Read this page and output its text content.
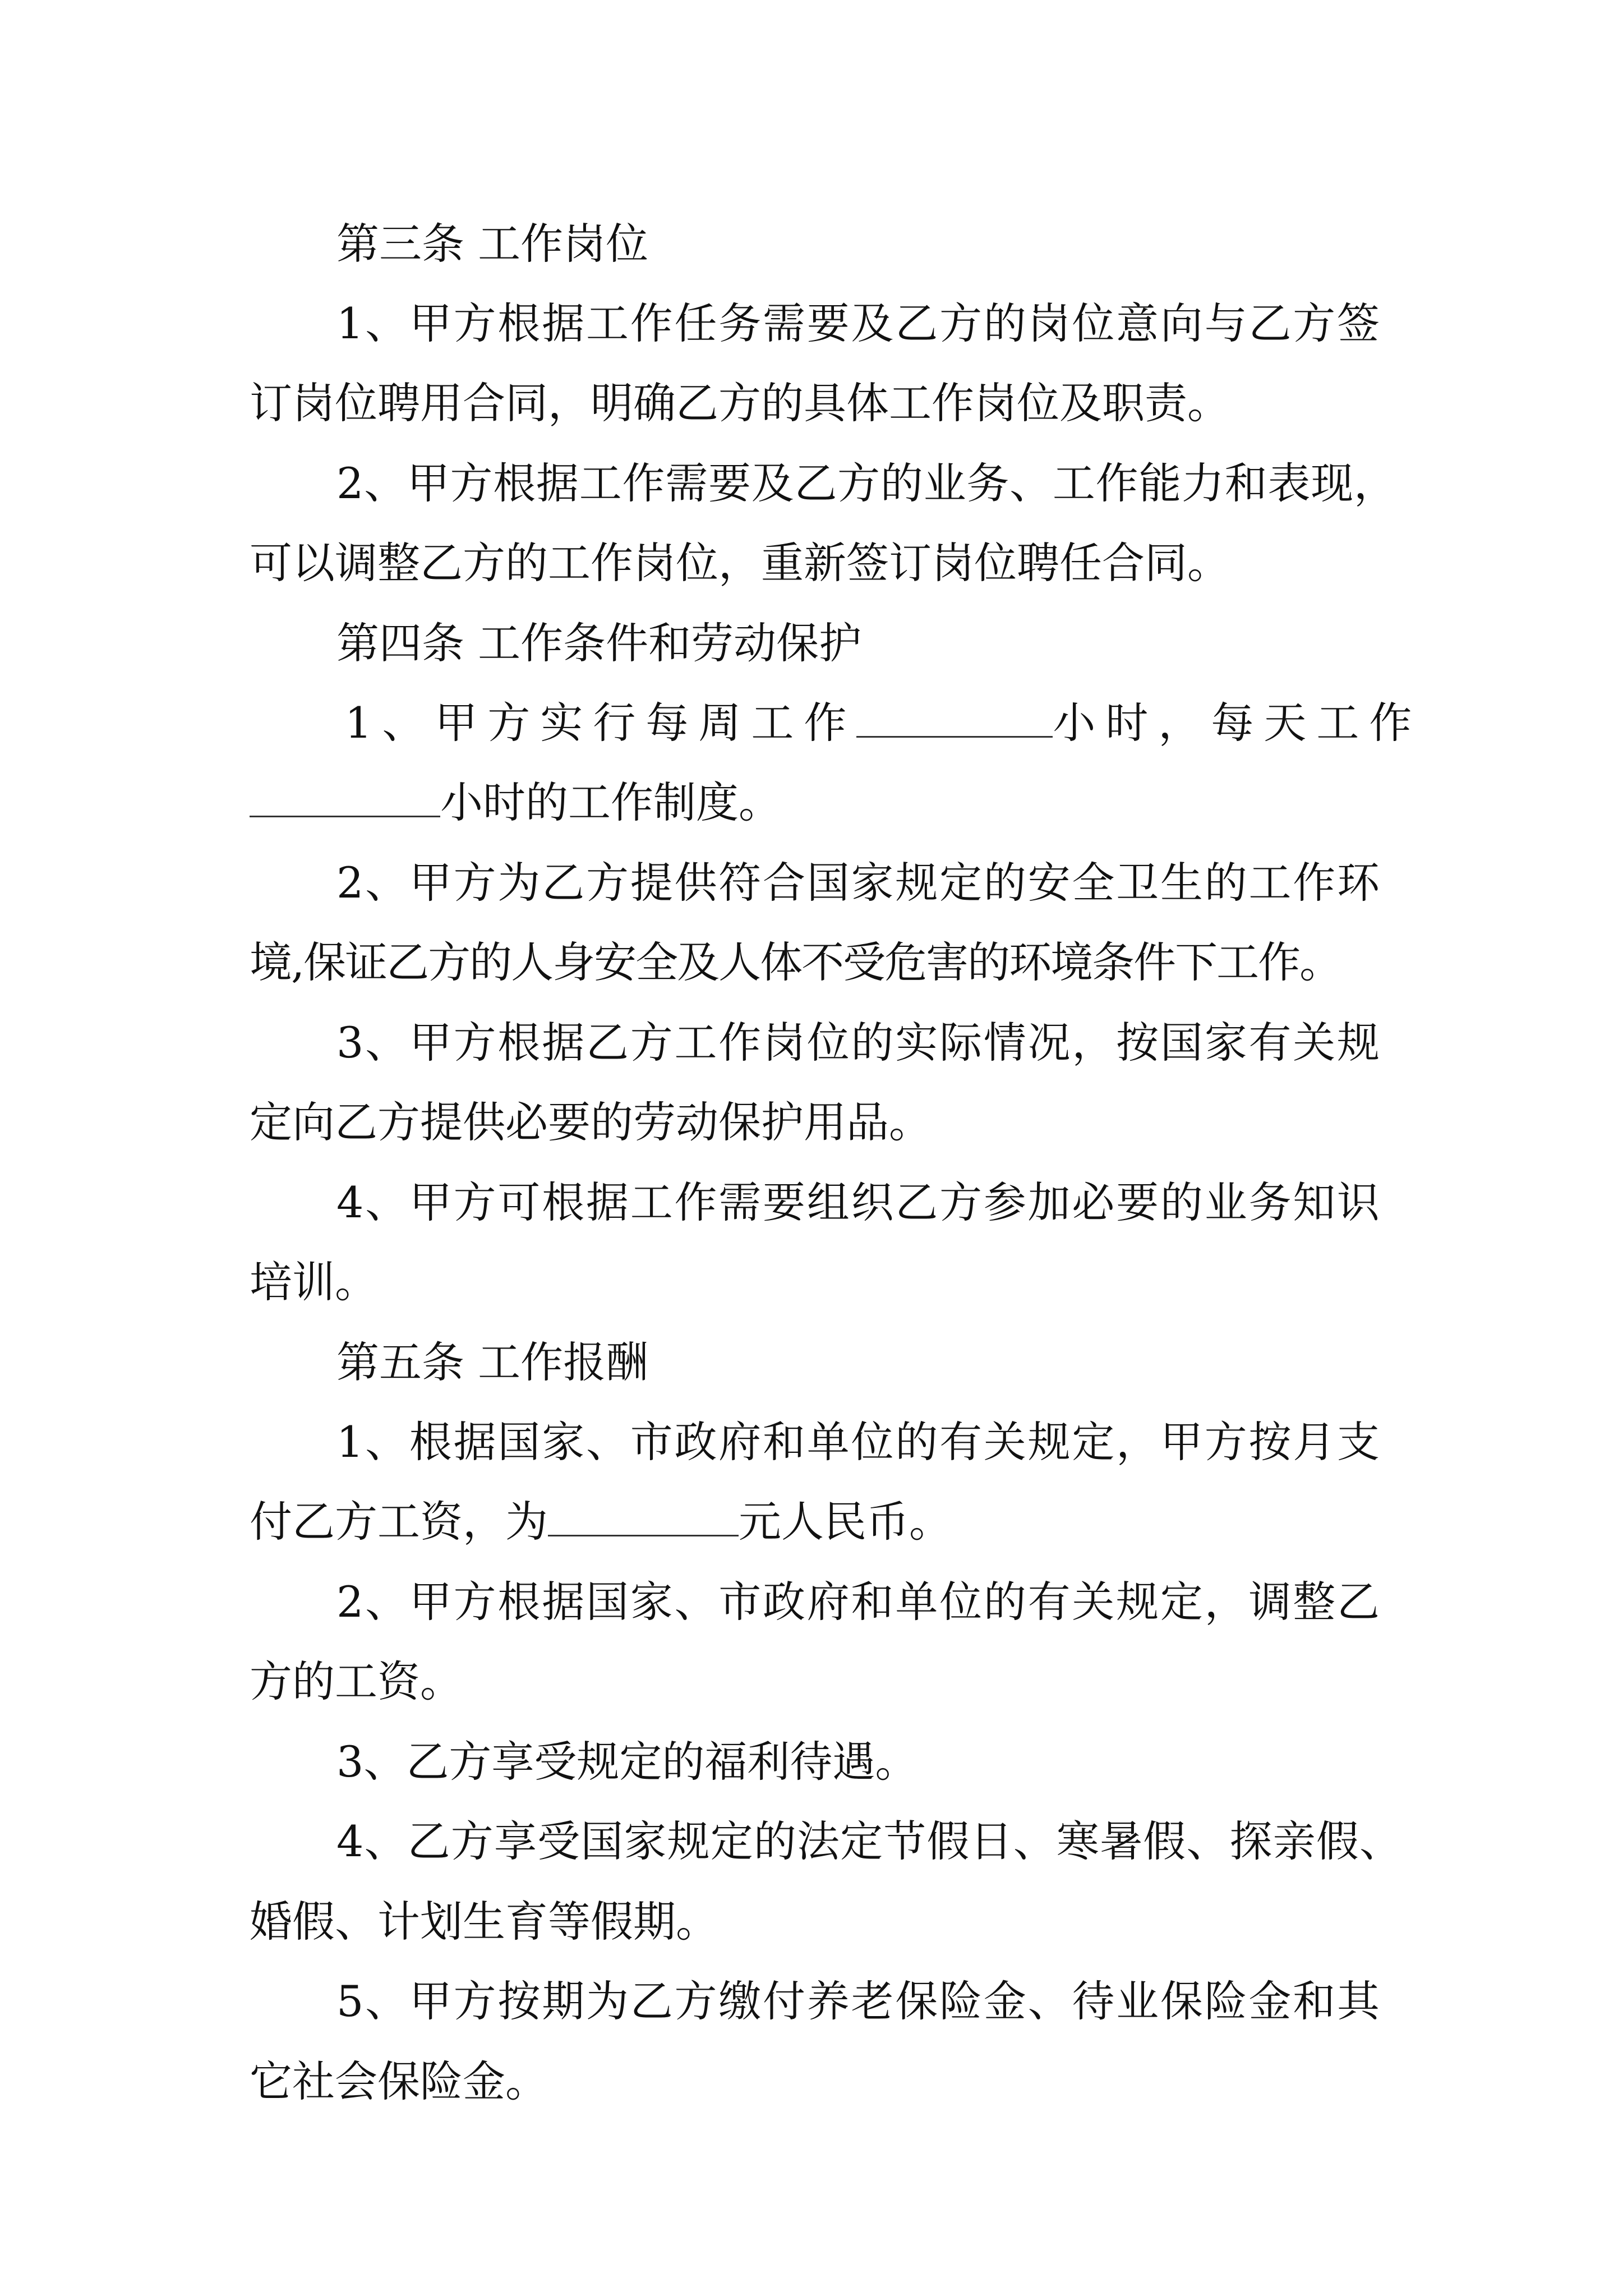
第三条 工作岗位
1、甲方根据工作任务需要及乙方的岗位意向与乙方签
订岗位聘用合同，明确乙方的具体工作岗位及职责。
2、甲方根据工作需要及乙方的业务、工作能力和表现，
可以调整乙方的工作岗位，重新签订岗位聘任合同。
第四条 工作条件和劳动保护
1、甲方实行每周工作	小时，每天工作
小时的工作制度。
2、甲方为乙方提供符合国家规定的安全卫生的工作环
境,保证乙方的人身安全及人体不受危害的环境条件下工作。
3、甲方根据乙方工作岗位的实际情况，按国家有关规
定向乙方提供必要的劳动保护用品。
4、甲方可根据工作需要组织乙方参加必要的业务知识
培训。
第五条 工作报酬
1、根据国家、市政府和单位的有关规定，甲方按月支
付乙方工资，为	元人民币。
2、甲方根据国家、市政府和单位的有关规定，调整乙
方的工资。
3、乙方享受规定的福利待遇。
4、乙方享受国家规定的法定节假日、寒暑假、探亲假、
婚假、计划生育等假期。
5、甲方按期为乙方缴付养老保险金、待业保险金和其
它社会保险金。
